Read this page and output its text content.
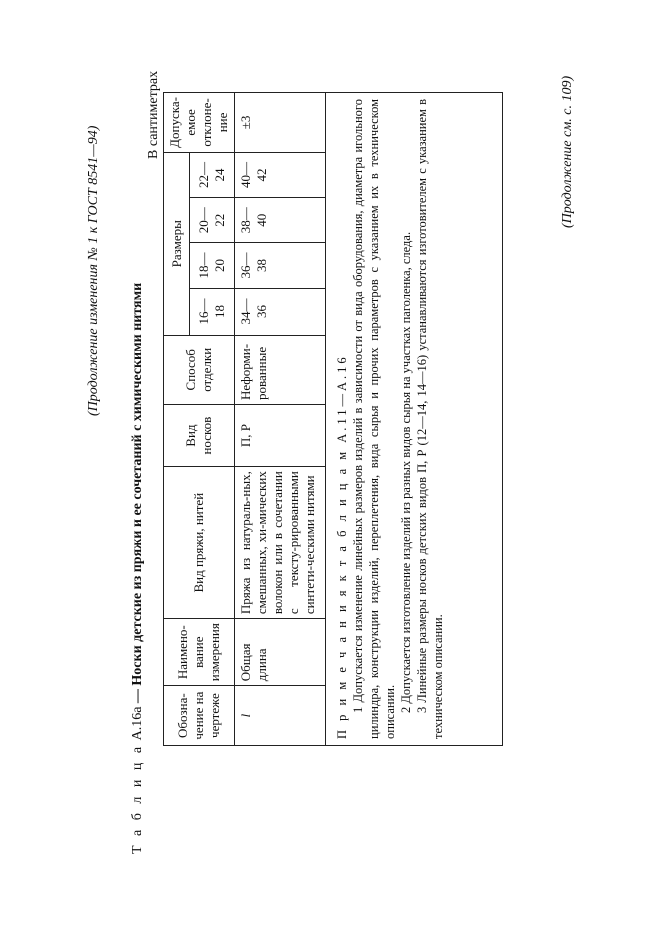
(Продолжение изменения № 1 к ГОСТ 8541—94)
Т а б л и ц а А.16а — Носки детские из пряжи и ее сочетаний с химическими нитями
В сантиметрах
Обозна-чение на чертеже	Наимено-вание измерения	Вид пряжи, нитей	Вид носков	Способ отделки	Размеры				Допуска-емое отклоне-ние
					16—18	18—20	20—22	22—24	
l	Общая длина	Пряжа из натураль-ных, смешанных, хи-мических волокон или в сочетании с тексту-рированными синтети-ческими нитями	П, Р	Неформи-рованные	34—36	36—38	38—40	40—42	±3

П р и м е ч а н и я к т а б л и ц а м А.11—А.16 1 Допускается изменение линейных размеров изделий в зависимости от вида оборудования, диаметра игольного цилиндра, конструкции изделий, переплетения, вида сырья и прочих параметров с указанием их в техническом описании. 2 Допускается изготовление изделий из разных видов сырья на участках паголенка, следа. 3 Линейные размеры носков детских видов П, Р (12—14, 14—16) устанавливаются изготовителем с указанием в техническом описании.

(Продолжение см. с. 109)
